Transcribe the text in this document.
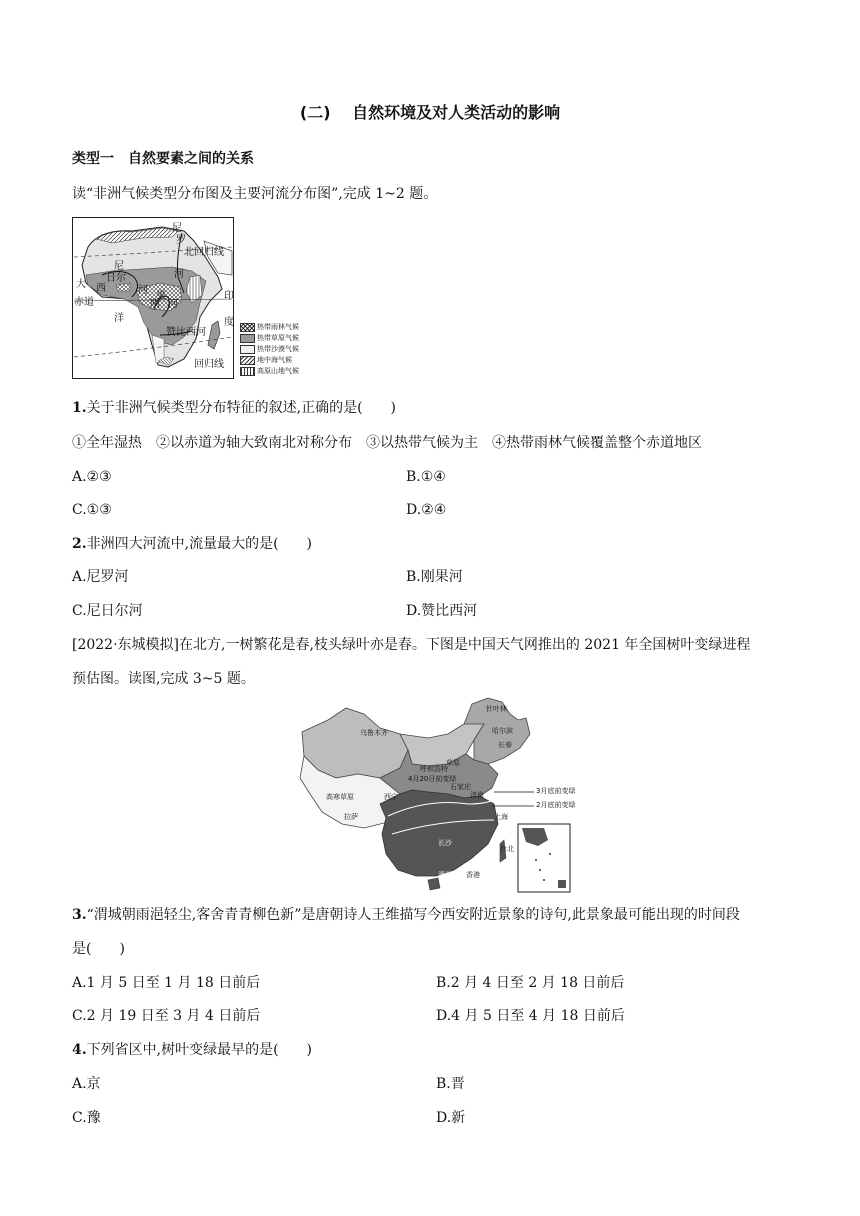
(二)　 自然环境及对人类活动的影响
类型一　自然要素之间的关系
读“非洲气候类型分布图及主要河流分布图”,完成 1~2 题。
尼
罗
北回归线
河
尼
日尔
河
大 西
洋
赤道	刚
果
河
印
度
赞比西河
回归线
热带雨林气候
热带草原气候
热带沙漠气候
地中海气候
高原山地气候
1.关于非洲气候类型分布特征的叙述,正确的是(　　)
①全年湿热　②以赤道为轴大致南北对称分布　③以热带气候为主　④热带雨林气候覆盖整个赤道地区
A.②③	B.①④
C.①③	D.②④
2.非洲四大河流中,流量最大的是(　　)
A.尼罗河	B.刚果河
C.尼日尔河	D.赞比西河
[2022·东城模拟]在北方,一树繁花是春,枝头绿叶亦是春。下图是中国天气网推出的 2021 年全国树叶变绿进程
预估图。读图,完成 3~5 题。
乌鲁木齐
针叶林
哈尔滨
长春
草原
呼和浩特
4月20日前变绿
高寒草原	西宁
石家庄
济南	3月底前变绿
2月底前变绿
拉萨	上海
长沙
台北
澳门 香港
3.“渭城朝雨浥轻尘,客舍青青柳色新”是唐朝诗人王维描写今西安附近景象的诗句,此景象最可能出现的时间段
是(　　)
A.1 月 5 日至 1 月 18 日前后	B.2 月 4 日至 2 月 18 日前后
C.2 月 19 日至 3 月 4 日前后	D.4 月 5 日至 4 月 18 日前后
4.下列省区中,树叶变绿最早的是(　　)
A.京	B.晋
C.豫	D.新
